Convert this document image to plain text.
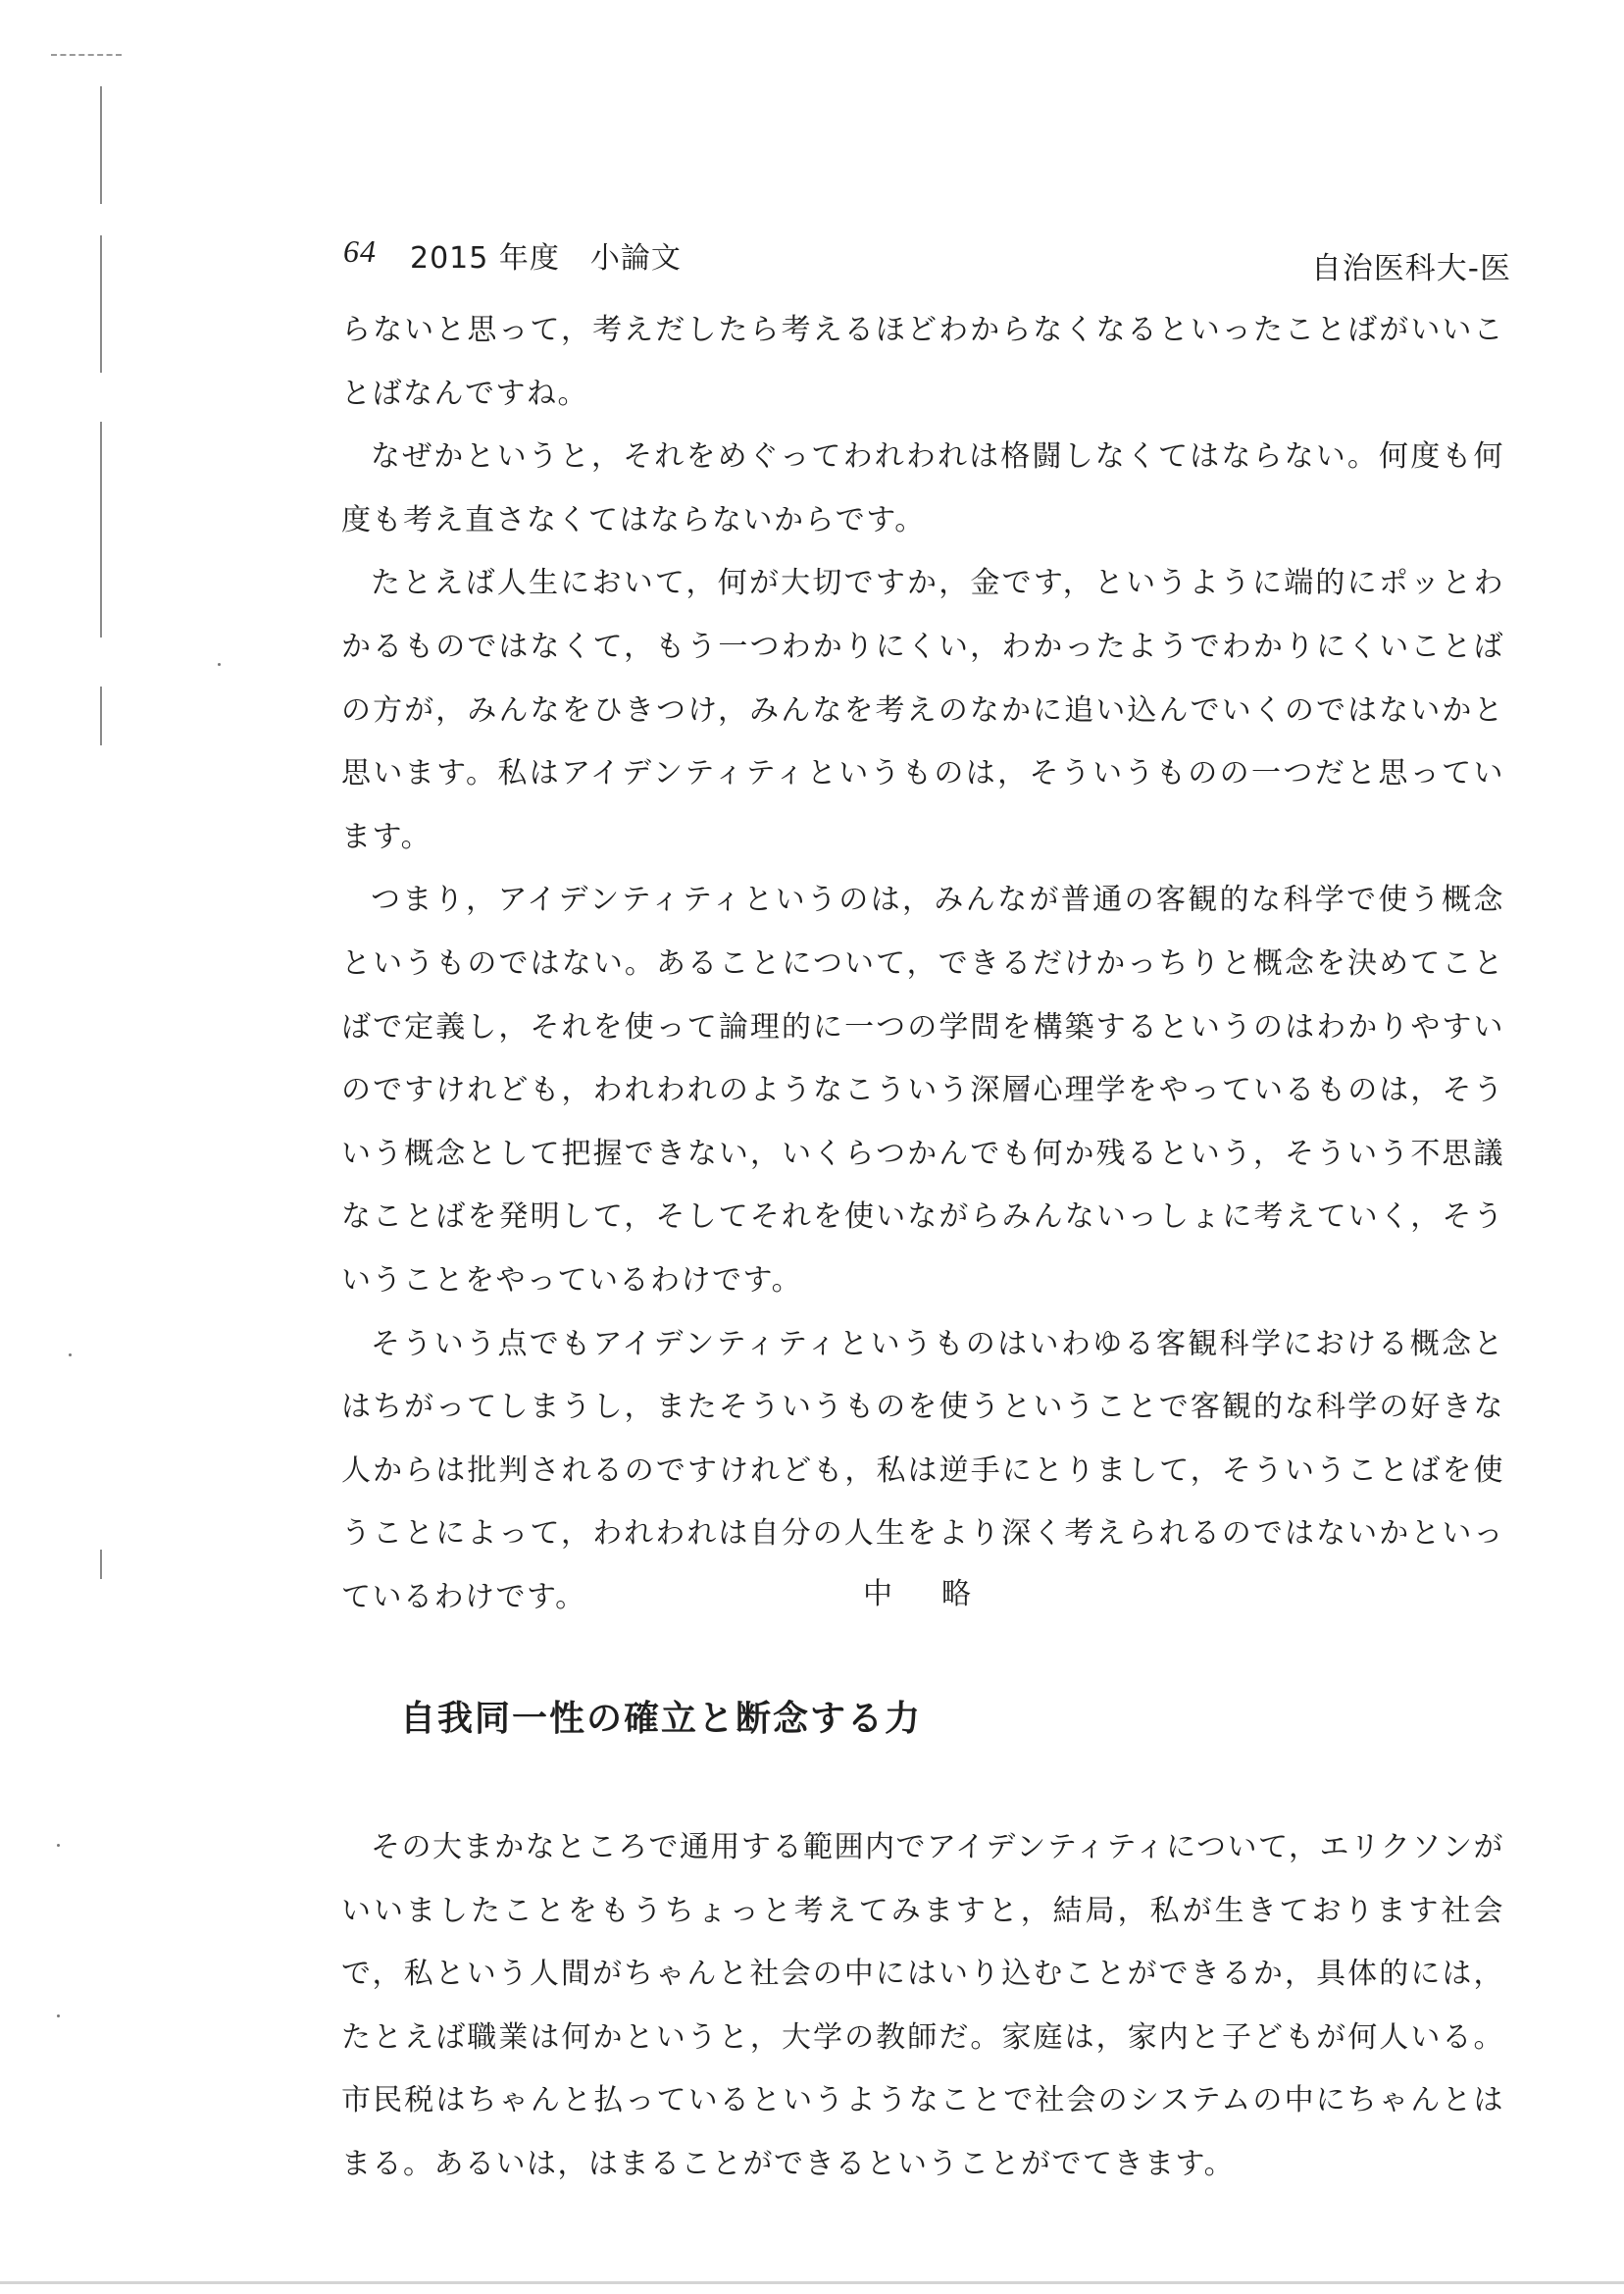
64 2015 年度　小論文	自治医科大-医

らないと思って，考えだしたら考えるほどわからなくなるといったことばがいいことばなんですね。

なぜかというと，それをめぐってわれわれは格闘しなくてはならない。何度も何度も考え直さなくてはならないからです。

たとえば人生において，何が大切ですか，金です，というように端的にポッとわかるものではなくて，もう一つわかりにくい，わかったようでわかりにくいことばの方が，みんなをひきつけ，みんなを考えのなかに追い込んでいくのではないかと思います。私はアイデンティティというものは，そういうものの一つだと思っています。

つまり，アイデンティティというのは，みんなが普通の客観的な科学で使う概念というものではない。あることについて，できるだけかっちりと概念を決めてことばで定義し，それを使って論理的に一つの学問を構築するというのはわかりやすいのですけれども，われわれのようなこういう深層心理学をやっているものは，そういう概念として把握できない，いくらつかんでも何か残るという，そういう不思議なことばを発明して，そしてそれを使いながらみんないっしょに考えていく，そういうことをやっているわけです。

そういう点でもアイデンティティというものはいわゆる客観科学における概念とはちがってしまうし，またそういうものを使うということで客観的な科学の好きな人からは批判されるのですけれども，私は逆手にとりまして，そういうことばを使うことによって，われわれは自分の人生をより深く考えられるのではないかといっているわけです。	中　略
自我同一性の確立と断念する力

その大まかなところで通用する範囲内でアイデンティティについて，エリクソンがいいましたことをもうちょっと考えてみますと，結局，私が生きております社会で，私という人間がちゃんと社会の中にはいり込むことができるか，具体的には，たとえば職業は何かというと，大学の教師だ。家庭は，家内と子どもが何人いる。市民税はちゃんと払っているというようなことで社会のシステムの中にちゃんとはまる。あるいは，はまることができるということがでてきます。
